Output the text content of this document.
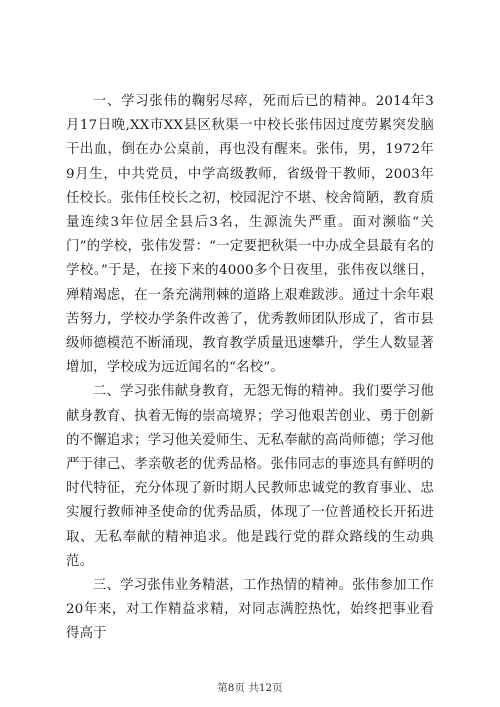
一、学习张伟的鞠躬尽瘁，死而后已的精神。2014年3月17日晚,XX市XX县区秋渠一中校长张伟因过度劳累突发脑干出血，倒在办公桌前，再也没有醒来。张伟，男，1972年9月生，中共党员，中学高级教师，省级骨干教师，2003年任校长。张伟任校长之初，校园泥泞不堪、校舍简陋，教育质量连续3年位居全县后3名，生源流失严重。面对濒临“关门”的学校，张伟发誓：“一定要把秋渠一中办成全县最有名的学校。”于是，在接下来的4000多个日夜里，张伟夜以继日，殚精竭虑，在一条充满荆棘的道路上艰难跋涉。通过十余年艰苦努力，学校办学条件改善了，优秀教师团队形成了，省市县级师德模范不断涌现，教育教学质量迅速攀升，学生人数显著增加，学校成为远近闻名的“名校”。

二、学习张伟献身教育，无怨无悔的精神。我们要学习他献身教育、执着无悔的崇高境界；学习他艰苦创业、勇于创新的不懈追求；学习他关爱师生、无私奉献的高尚师德；学习他严于律己、孝亲敬老的优秀品格。张伟同志的事迹具有鲜明的时代特征，充分体现了新时期人民教师忠诚党的教育事业、忠实履行教师神圣使命的优秀品质，体现了一位普通校长开拓进取、无私奉献的精神追求。他是践行党的群众路线的生动典范。

三、学习张伟业务精湛，工作热情的精神。张伟参加工作20年来，对工作精益求精，对同志满腔热忱，始终把事业看得高于

第8页 共12页
